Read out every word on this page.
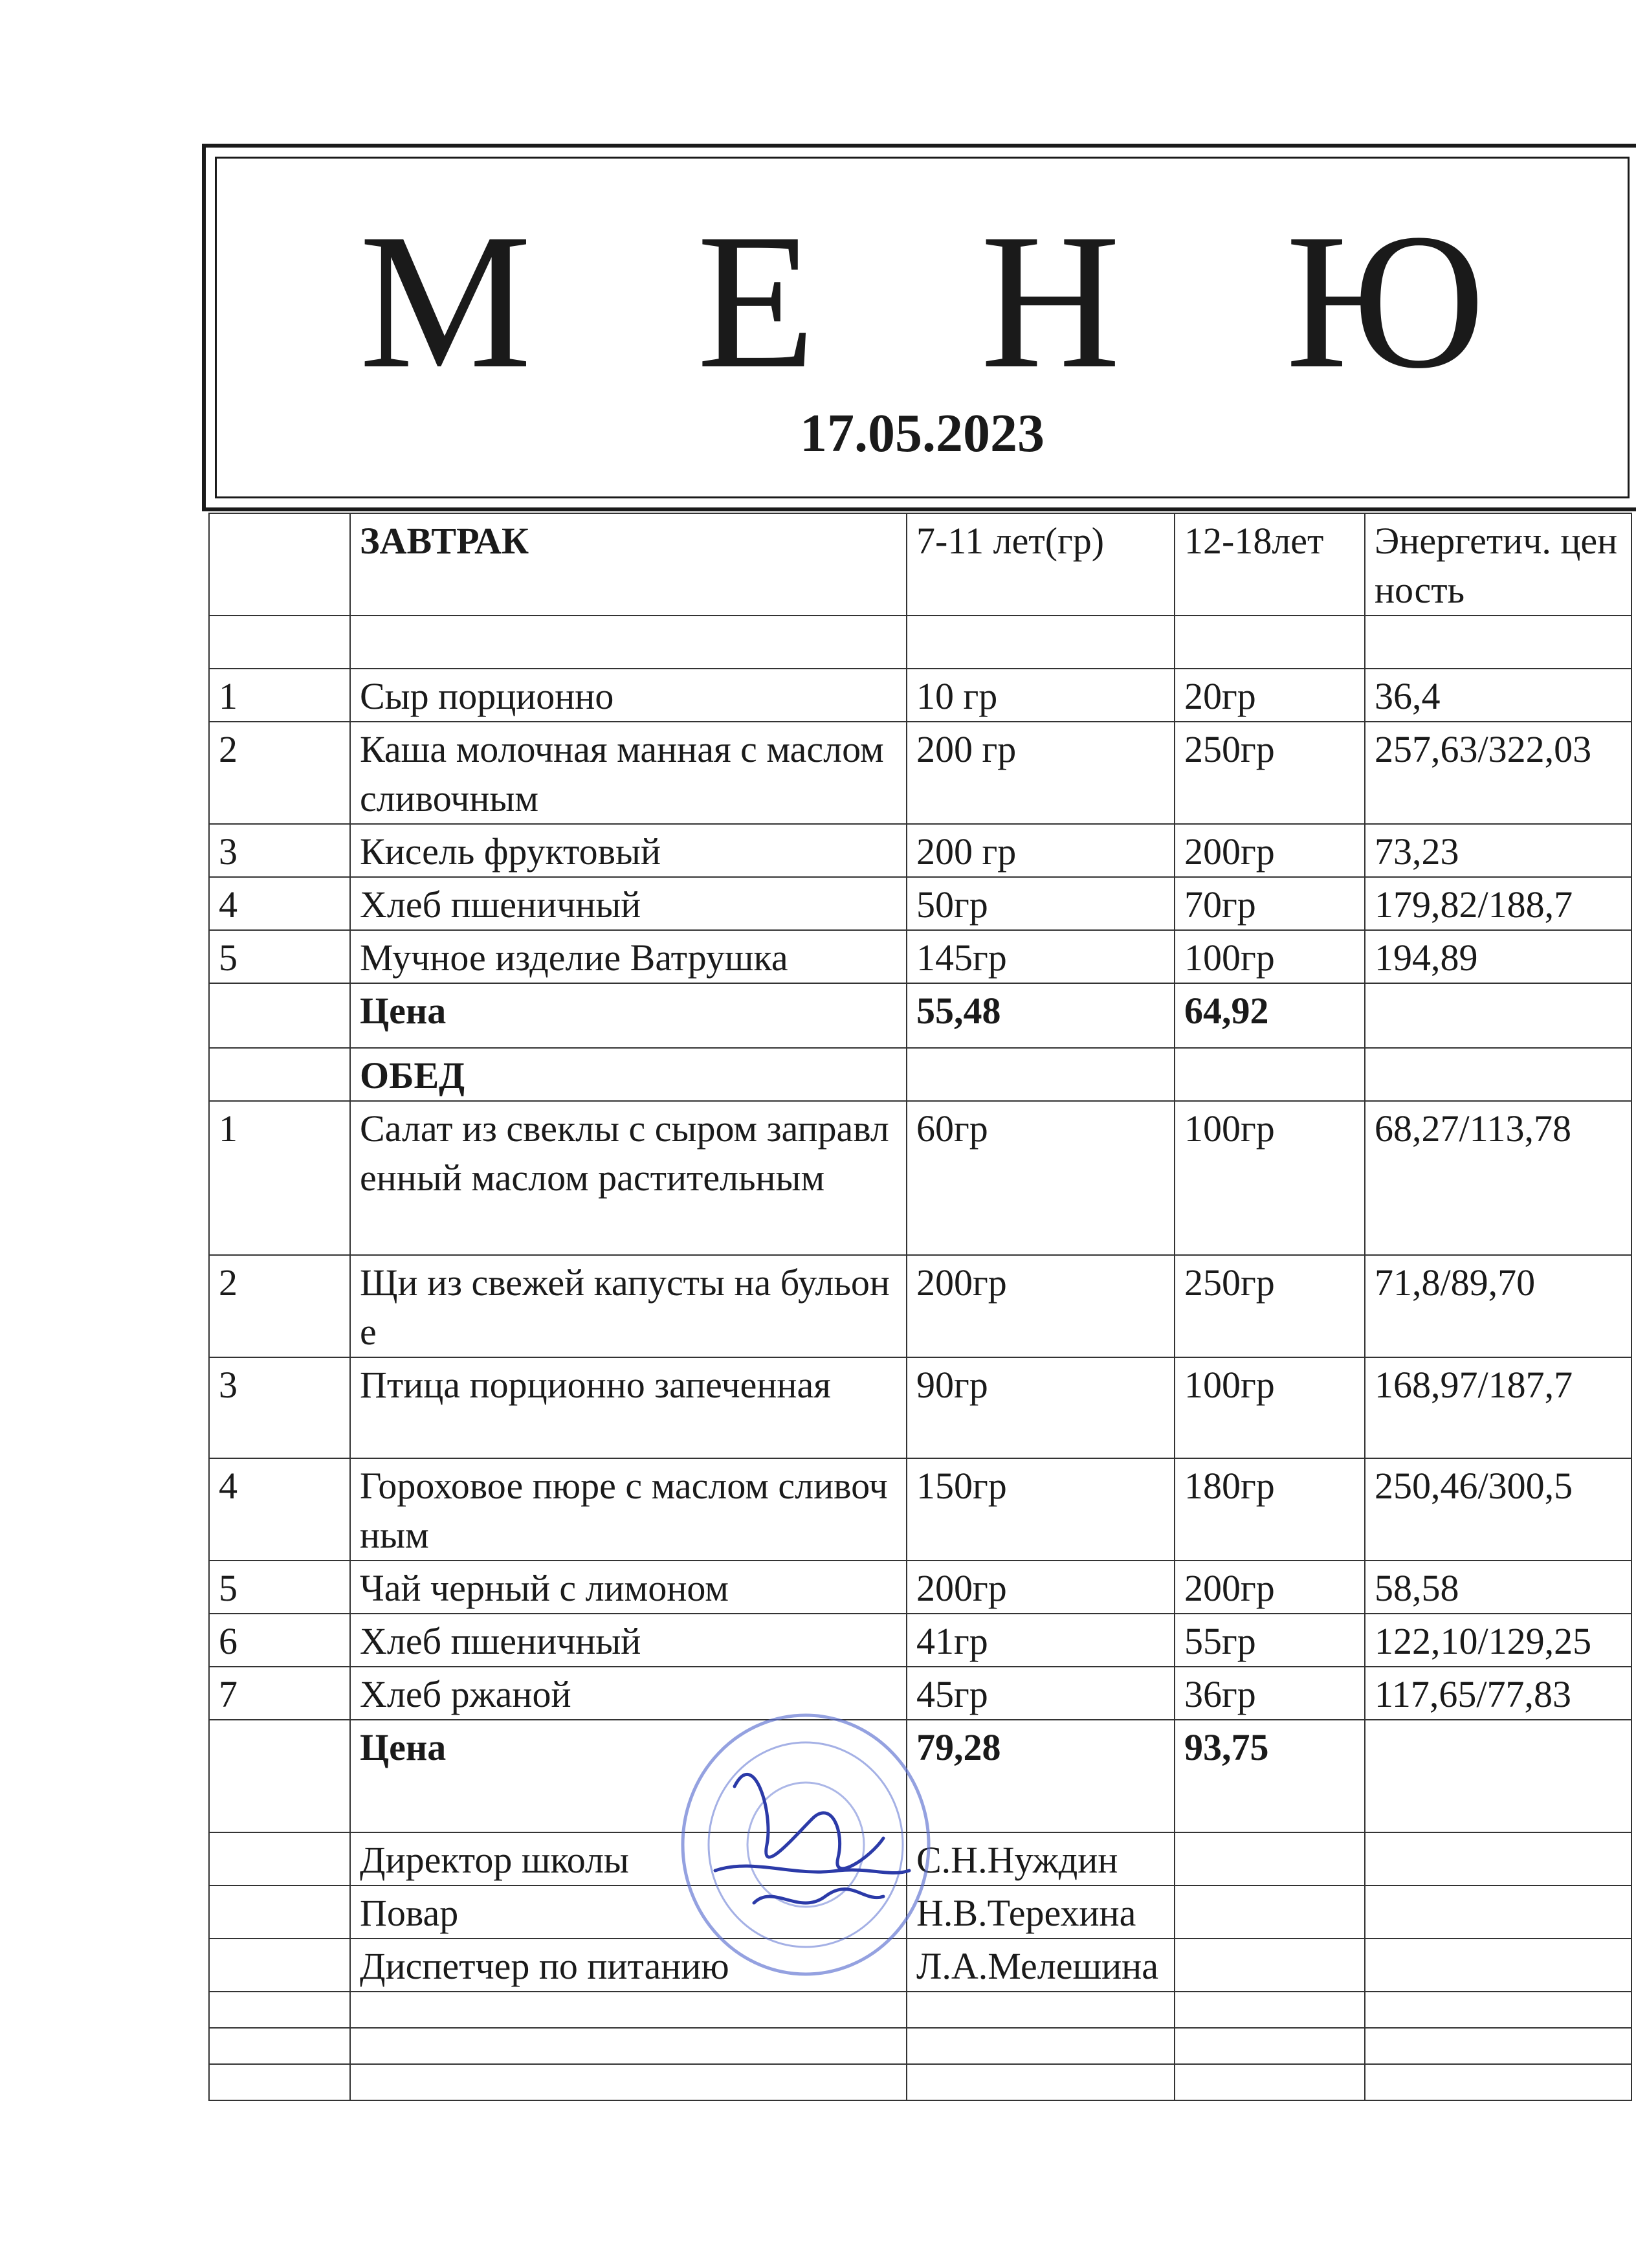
М Е Н Ю
17.05.2023
	ЗАВТРАК	7-11 лет(гр)	12-18лет	Энергетич. ценность

1	Сыр порционно	10 гр	20гр	36,4
2	Каша молочная манная с маслом сливочным	200 гр	250гр	257,63/322,03
3	Кисель фруктовый	200 гр	200гр	73,23
4	Хлеб пшеничный	50гр	70гр	179,82/188,7
5	Мучное изделие Ватрушка	145гр	100гр	194,89
	Цена	55,48	64,92	
	ОБЕД			
1	Салат из свеклы с сыром заправленный маслом растительным	60гр	100гр	68,27/113,78
2	Щи из свежей капусты на бульоне	200гр	250гр	71,8/89,70
3	Птица порционно запеченная	90гр	100гр	168,97/187,7
4	Гороховое пюре с маслом сливочным	150гр	180гр	250,46/300,5
5	Чай черный с лимоном	200гр	200гр	58,58
6	Хлеб пшеничный	41гр	55гр	122,10/129,25
7	Хлеб ржаной	45гр	36гр	117,65/77,83
	Цена	79,28	93,75	
	Директор школы	С.Н.Нуждин		
	Повар	Н.В.Терехина		
	Диспетчер по питанию	Л.А.Мелешина		
